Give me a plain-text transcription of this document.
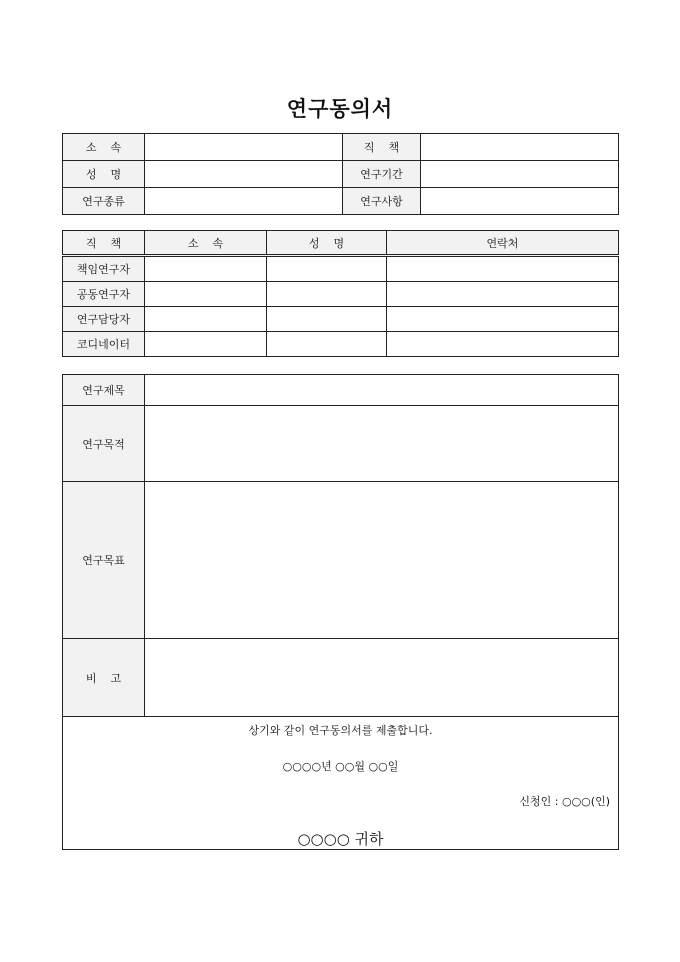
연구동의서
소    속		직    책	
성    명		연구기간	
연구종류		연구사항	
직    책	소    속	성    명	연락처
책임연구자			
공동연구자			
연구담당자			
코디네이터			
연구제목	
연구목적	
연구목표	
비    고	
상기와 같이 연구동의서를 제출합니다.
○○○○년 ○○월 ○○일
신청인 : ○○○(인)
○○○○ 귀하
